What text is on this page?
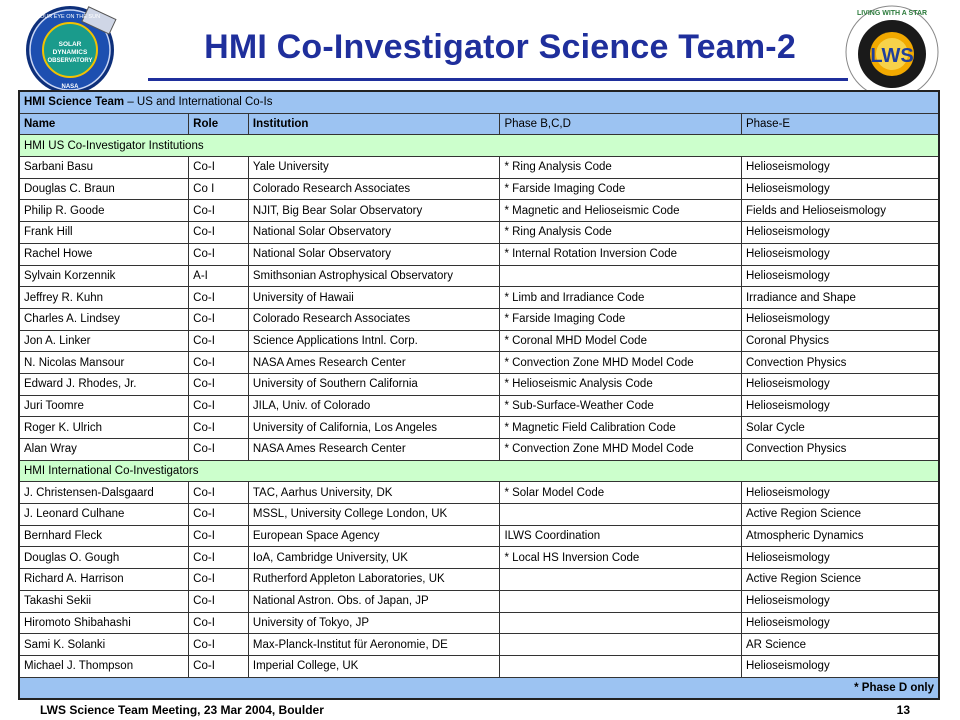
SOLAR
DYNAMICS
OBSERVATORY
OUR EYE ON THE SUN
NASA
LWS
LIVING WITH A STAR
HMI Co-Investigator Science Team-2
HMI Science Team – US and International Co-Is				
Name	Role	Institution	Phase B,C,D	Phase-E
HMI US Co-Investigator Institutions				
Sarbani Basu	Co-I	Yale University	* Ring Analysis Code	Helioseismology
Douglas C. Braun	Co I	Colorado Research Associates	* Farside Imaging Code	Helioseismology
Philip R. Goode	Co-I	NJIT, Big Bear Solar Observatory	* Magnetic and Helioseismic Code	Fields and Helioseismology
Frank Hill	Co-I	National Solar Observatory	* Ring Analysis Code	Helioseismology
Rachel Howe	Co-I	National Solar Observatory	* Internal Rotation Inversion Code	Helioseismology
Sylvain Korzennik	A-I	Smithsonian Astrophysical Observatory		Helioseismology
Jeffrey R. Kuhn	Co-I	University of Hawaii	* Limb and Irradiance Code	Irradiance and Shape
Charles A. Lindsey	Co-I	Colorado Research Associates	* Farside Imaging Code	Helioseismology
Jon A. Linker	Co-I	Science Applications Intnl. Corp.	* Coronal MHD Model Code	Coronal Physics
N. Nicolas Mansour	Co-I	NASA Ames Research Center	* Convection Zone MHD Model Code	Convection Physics
Edward J. Rhodes, Jr.	Co-I	University of Southern California	* Helioseismic Analysis Code	Helioseismology
Juri Toomre	Co-I	JILA, Univ. of Colorado	* Sub-Surface-Weather Code	Helioseismology
Roger K. Ulrich	Co-I	University of California, Los Angeles	* Magnetic Field Calibration Code	Solar Cycle
Alan Wray	Co-I	NASA Ames Research Center	* Convection Zone MHD Model Code	Convection Physics
HMI International Co-Investigators				
J. Christensen-Dalsgaard	Co-I	TAC, Aarhus University, DK	* Solar Model Code	Helioseismology
J. Leonard Culhane	Co-I	MSSL, University College London, UK		Active Region Science
Bernhard Fleck	Co-I	European Space Agency	ILWS Coordination	Atmospheric Dynamics
Douglas O. Gough	Co-I	IoA, Cambridge University, UK	* Local HS Inversion Code	Helioseismology
Richard A. Harrison	Co-I	Rutherford Appleton Laboratories, UK		Active Region Science
Takashi Sekii	Co-I	National Astron. Obs. of Japan, JP		Helioseismology
Hiromoto Shibahashi	Co-I	University of Tokyo, JP		Helioseismology
Sami K. Solanki	Co-I	Max-Planck-Institut für Aeronomie, DE		AR Science
Michael J. Thompson	Co-I	Imperial College, UK		Helioseismology
* Phase D only				
LWS Science Team Meeting, 23 Mar 2004, Boulder	13
